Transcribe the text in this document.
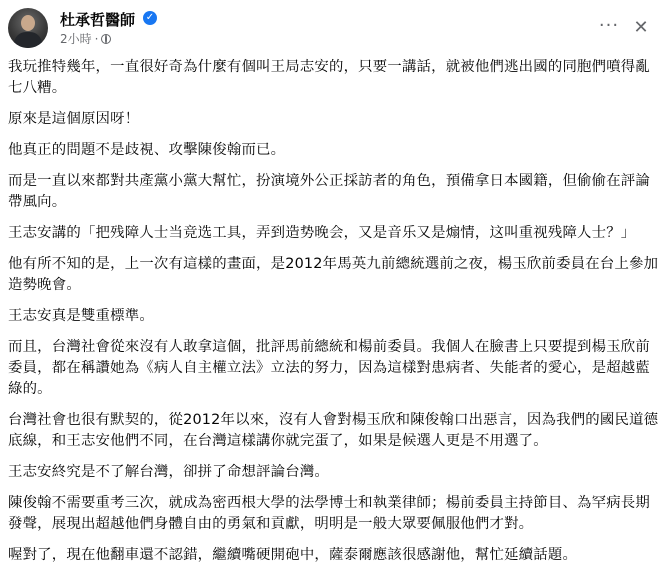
杜承哲醫師 ✓
2小時 ·
··· ✕

我玩推特幾年，一直很好奇為什麼有個叫王局志安的，只要一講話，就被他們逃出國的同胞們噴得亂七八糟。

原來是這個原因呀！

他真正的問題不是歧視、攻擊陳俊翰而已。

而是一直以來都對共產黨小黨大幫忙，扮演境外公正採訪者的角色，預備拿日本國籍，但偷偷在評論帶風向。

王志安講的「把残障人士当竞选工具，弄到造势晚会，又是音乐又是煽情，这叫重视残障人士？」

他有所不知的是，上一次有這樣的畫面，是2012年馬英九前總統選前之夜，楊玉欣前委員在台上參加造勢晚會。

王志安真是雙重標準。

而且，台灣社會從來沒有人敢拿這個，批評馬前總統和楊前委員。我個人在臉書上只要提到楊玉欣前委員，都在稱讚她為《病人自主權立法》立法的努力，因為這樣對患病者、失能者的愛心，是超越藍綠的。

台灣社會也很有默契的，從2012年以來，沒有人會對楊玉欣和陳俊翰口出惡言，因為我們的國民道德底線，和王志安他們不同，在台灣這樣講你就完蛋了，如果是候選人更是不用選了。

王志安終究是不了解台灣，卻拼了命想評論台灣。

陳俊翰不需要重考三次，就成為密西根大學的法學博士和執業律師；楊前委員主持節目、為罕病長期發聲，展現出超越他們身體自由的勇氣和貢獻，明明是一般大眾要佩服他們才對。

喔對了，現在他翻車還不認錯，繼續嘴硬開砲中，薩泰爾應該很感謝他，幫忙延續話題。
